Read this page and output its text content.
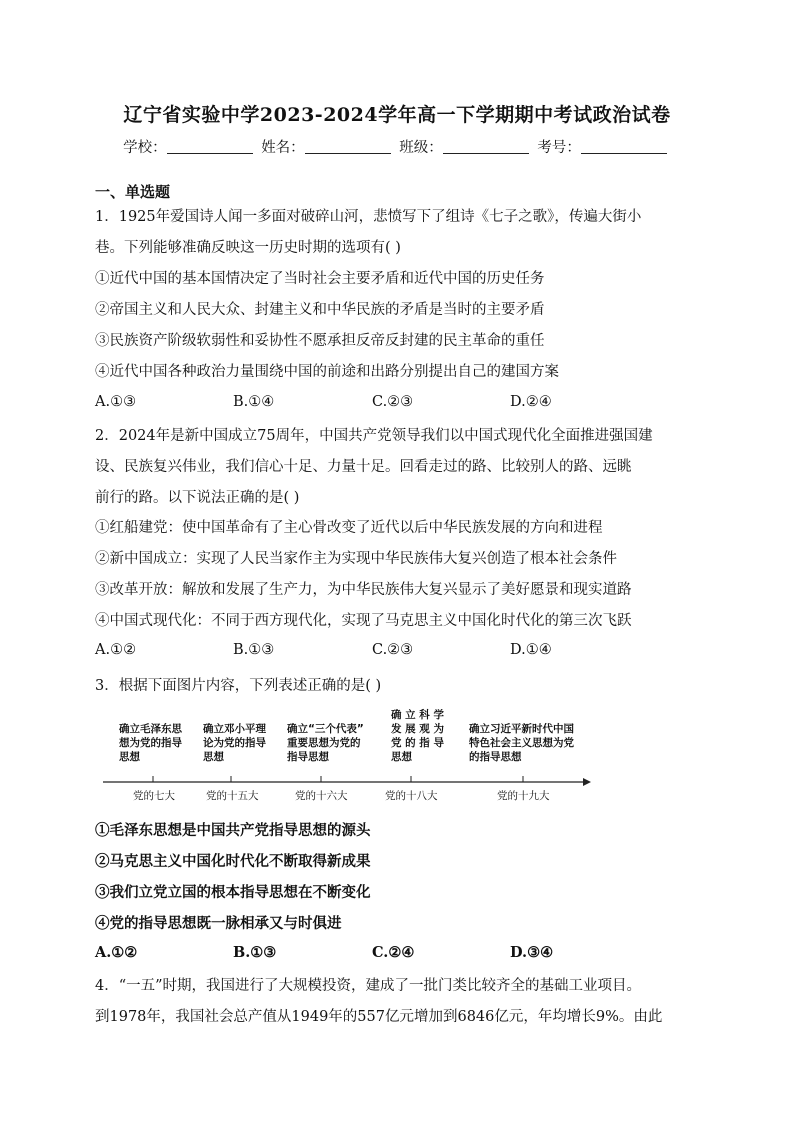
辽宁省实验中学2023-2024学年高一下学期期中考试政治试卷
学校：	姓名：	班级：	考号：
一、单选题
1．1925年爱国诗人闻一多面对破碎山河，悲愤写下了组诗《七子之歌》，传遍大街小
巷。下列能够准确反映这一历史时期的选项有( )
①近代中国的基本国情决定了当时社会主要矛盾和近代中国的历史任务
②帝国主义和人民大众、封建主义和中华民族的矛盾是当时的主要矛盾
③民族资产阶级软弱性和妥协性不愿承担反帝反封建的民主革命的重任
④近代中国各种政治力量围绕中国的前途和出路分别提出自己的建国方案
A.①③	B.①④	C.②③	D.②④
2．2024年是新中国成立75周年，中国共产党领导我们以中国式现代化全面推进强国建
设、民族复兴伟业，我们信心十足、力量十足。回看走过的路、比较别人的路、远眺
前行的路。以下说法正确的是( )
①红船建党：使中国革命有了主心骨改变了近代以后中华民族发展的方向和进程
②新中国成立：实现了人民当家作主为实现中华民族伟大复兴创造了根本社会条件
③改革开放：解放和发展了生产力，为中华民族伟大复兴显示了美好愿景和现实道路
④中国式现代化：不同于西方现代化，实现了马克思主义中国化时代化的第三次飞跃
A.①②	B.①③	C.②③	D.①④
3．根据下面图片内容，下列表述正确的是( )
确立毛泽东思
想为党的指导
思想
确立邓小平理
论为党的指导
思想
确立“三个代表”
重要思想为党的
指导思想
确 立 科 学
发 展 观 为
党 的 指 导
思想
确立习近平新时代中国
特色社会主义思想为党
的指导思想
党的七大	党的十五大	党的十六大	党的十八大	党的十九大
①毛泽东思想是中国共产党指导思想的源头
②马克思主义中国化时代化不断取得新成果
③我们立党立国的根本指导思想在不断变化
④党的指导思想既一脉相承又与时俱进
A.①②	B.①③	C.②④	D.③④
4．“一五”时期，我国进行了大规模投资，建成了一批门类比较齐全的基础工业项目。
到1978年，我国社会总产值从1949年的557亿元增加到6846亿元，年均增长9%。由此
